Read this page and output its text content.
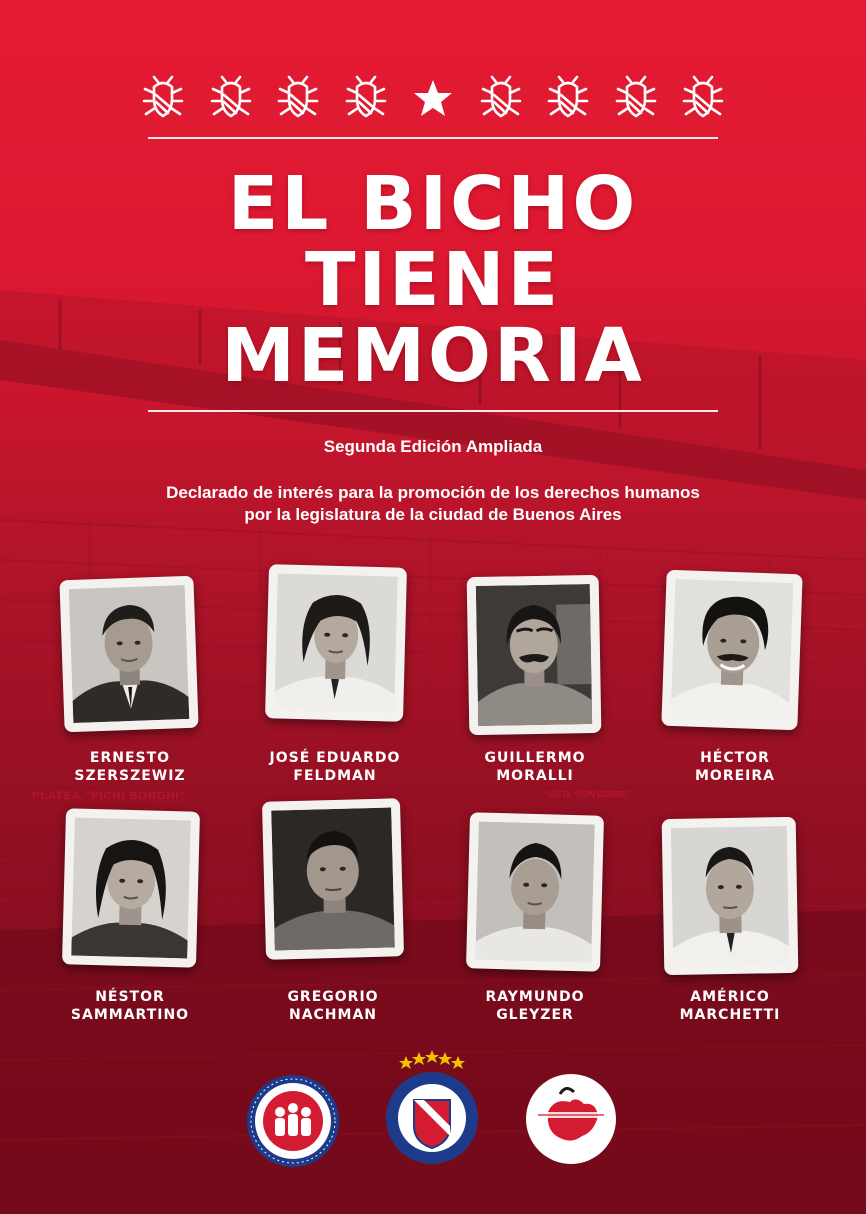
PLATEA "PICHI BORGHI"	"LISTA "DON BOBBE"
EL BICHO
TIENE
MEMORIA
Segunda Edición Ampliada
Declarado de interés para la promoción de los derechos humanos
por la legislatura de la ciudad de Buenos Aires
ERNESTO
SZERSZEWIZ
JOSÉ EDUARDO
FELDMAN
GUILLERMO
MORALLI
HÉCTOR
MOREIRA
NÉSTOR
SAMMARTINO
GREGORIO
NACHMAN
RAYMUNDO
GLEYZER
AMÉRICO
MARCHETTI
